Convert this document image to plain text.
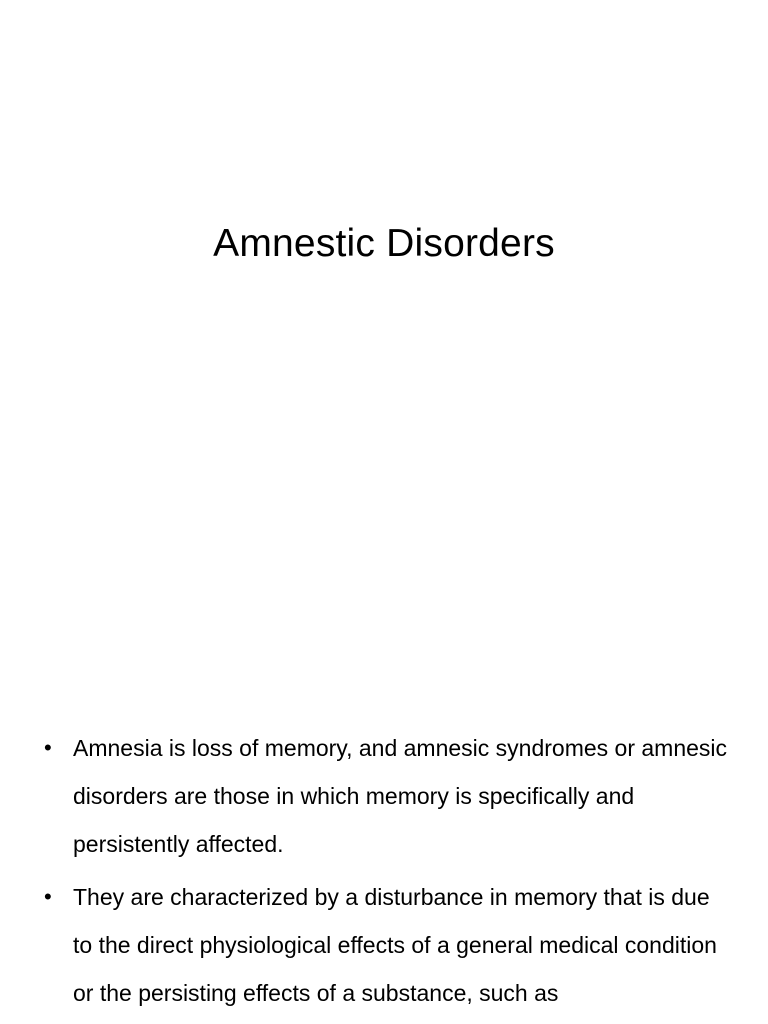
Amnestic Disorders
• Amnesia is loss of memory, and amnesic syndromes or amnesic disorders are those in which memory is specifically and persistently affected.
• They are characterized by a disturbance in memory that is due to the direct physiological effects of a general medical condition or the persisting effects of a substance, such as
